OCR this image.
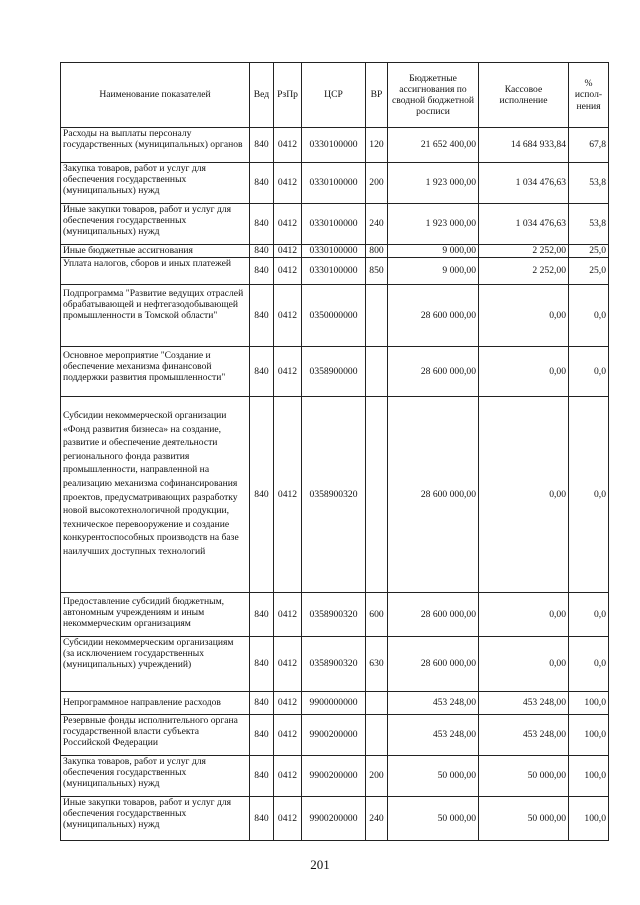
Наименование показателей	Вед	РзПр	ЦСР	ВР	Бюджетные ассигнования по сводной бюджетной росписи	Кассовое исполнение	% испол-нения
Расходы на выплаты персоналу государственных (муниципальных) органов	840	0412	0330100000	120	21 652 400,00	14 684 933,84	67,8
Закупка товаров, работ и услуг для обеспечения государственных (муниципальных) нужд	840	0412	0330100000	200	1 923 000,00	1 034 476,63	53,8
Иные закупки товаров, работ и услуг для обеспечения государственных (муниципальных) нужд	840	0412	0330100000	240	1 923 000,00	1 034 476,63	53,8
Иные бюджетные ассигнования	840	0412	0330100000	800	9 000,00	2 252,00	25,0
Уплата налогов, сборов и иных платежей	840	0412	0330100000	850	9 000,00	2 252,00	25,0
Подпрограмма "Развитие ведущих отраслей обрабатывающей и нефтегазодобывающей промышленности в Томской области"	840	0412	0350000000		28 600 000,00	0,00	0,0
Основное мероприятие "Создание и обеспечение механизма финансовой поддержки развития промышленности"	840	0412	0358900000		28 600 000,00	0,00	0,0
Субсидии некоммерческой организации «Фонд развития бизнеса» на создание, развитие и обеспечение деятельности регионального фонда развития промышленности, направленной на реализацию механизма софинансирования проектов, предусматривающих разработку новой высокотехнологичной продукции, техническое перевооружение и создание конкурентоспособных производств на базе наилучших доступных технологий	840	0412	0358900320		28 600 000,00	0,00	0,0
Предоставление субсидий бюджетным, автономным учреждениям и иным некоммерческим организациям	840	0412	0358900320	600	28 600 000,00	0,00	0,0
Субсидии некоммерческим организациям (за исключением государственных (муниципальных) учреждений)	840	0412	0358900320	630	28 600 000,00	0,00	0,0
Непрограммное направление расходов	840	0412	9900000000		453 248,00	453 248,00	100,0
Резервные фонды исполнительного органа государственной власти субъекта Российской Федерации	840	0412	9900200000		453 248,00	453 248,00	100,0
Закупка товаров, работ и услуг для обеспечения государственных (муниципальных) нужд	840	0412	9900200000	200	50 000,00	50 000,00	100,0
Иные закупки товаров, работ и услуг для обеспечения государственных (муниципальных) нужд	840	0412	9900200000	240	50 000,00	50 000,00	100,0
201
